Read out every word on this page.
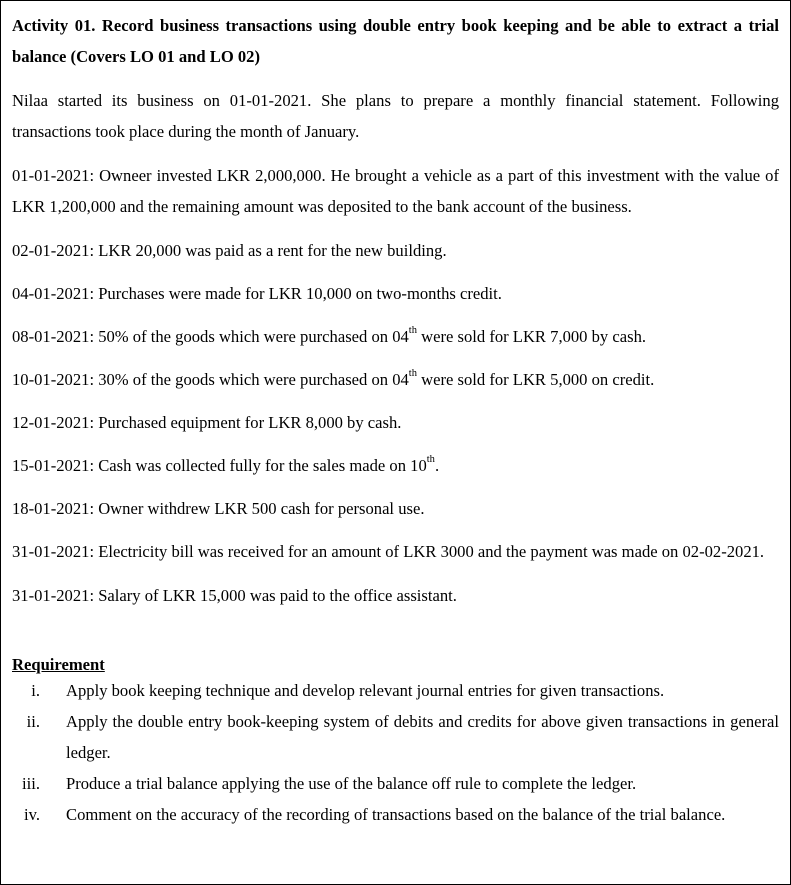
Activity 01. Record business transactions using double entry book keeping and be able to extract a trial balance (Covers LO 01 and LO 02)

Nilaa started its business on 01-01-2021. She plans to prepare a monthly financial statement. Following transactions took place during the month of January.

01-01-2021: Owneer invested LKR 2,000,000. He brought a vehicle as a part of this investment with the value of LKR 1,200,000 and the remaining amount was deposited to the bank account of the business.

02-01-2021: LKR 20,000 was paid as a rent for the new building.

04-01-2021: Purchases were made for LKR 10,000 on two-months credit.

08-01-2021: 50% of the goods which were purchased on 04th were sold for LKR 7,000 by cash.

10-01-2021: 30% of the goods which were purchased on 04th were sold for LKR 5,000 on credit.

12-01-2021: Purchased equipment for LKR 8,000 by cash.

15-01-2021: Cash was collected fully for the sales made on 10th.

18-01-2021: Owner withdrew LKR 500 cash for personal use.

31-01-2021: Electricity bill was received for an amount of LKR 3000 and the payment was made on 02-02-2021.

31-01-2021: Salary of LKR 15,000 was paid to the office assistant.

Requirement
i. Apply book keeping technique and develop relevant journal entries for given transactions.
ii. Apply the double entry book-keeping system of debits and credits for above given transactions in general ledger.
iii. Produce a trial balance applying the use of the balance off rule to complete the ledger.
iv. Comment on the accuracy of the recording of transactions based on the balance of the trial balance.
